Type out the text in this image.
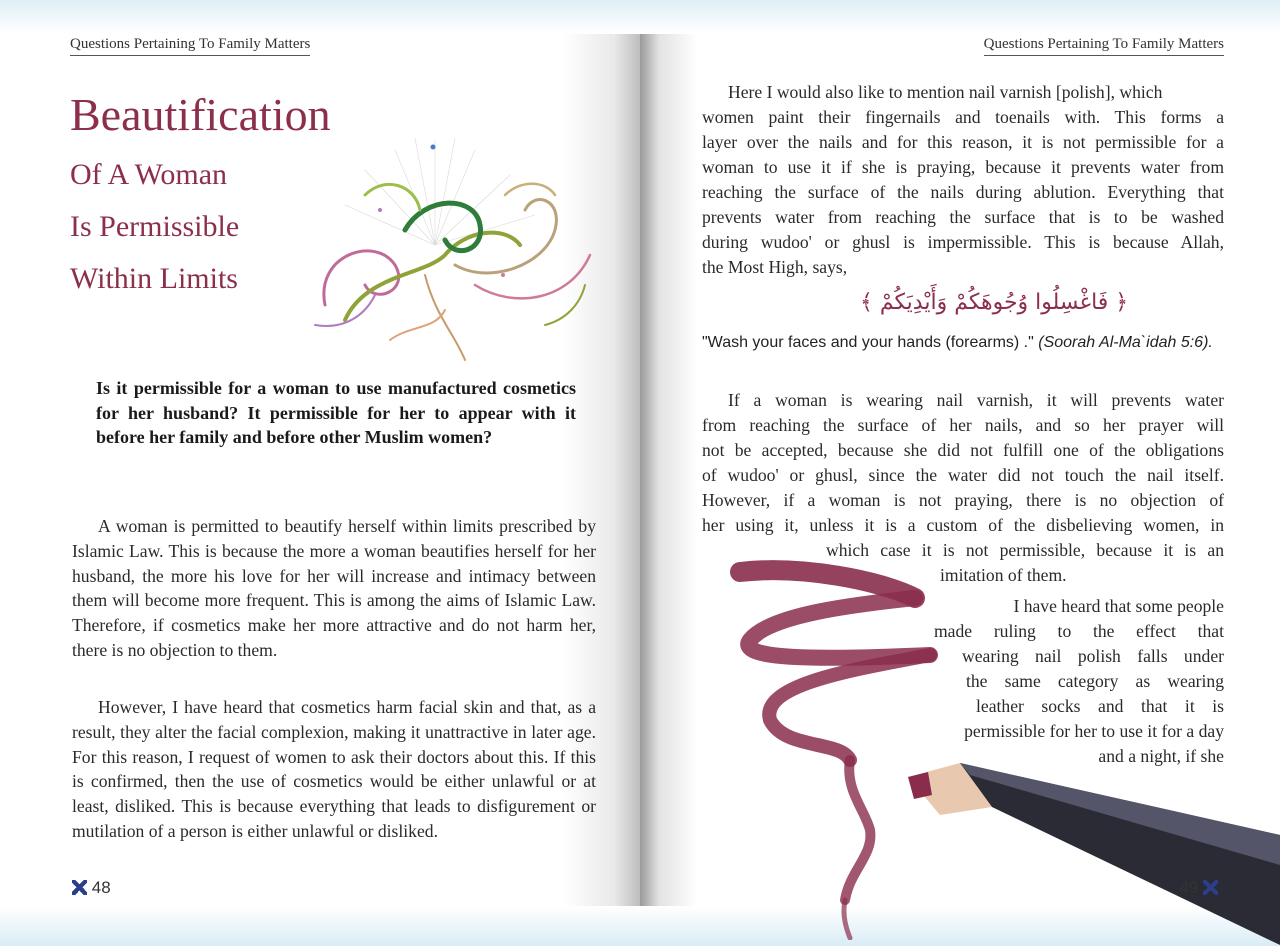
Questions Pertaining To Family Matters
Beautification
Of A Woman
Is Permissible
Within Limits
Is it permissible for a woman to use manufactured cosmetics for her husband? It permissible for her to appear with it before her family and before other Muslim women?

A woman is permitted to beautify herself within limits prescribed by Islamic Law. This is because the more a woman beautifies herself for her husband, the more his love for her will increase and intimacy between them will become more frequent. This is among the aims of Islamic Law. Therefore, if cosmetics make her more attractive and do not harm her, there is no objection to them.

However, I have heard that cosmetics harm facial skin and that, as a result, they alter the facial complexion, making it unattractive in later age. For this reason, I request of women to ask their doctors about this. If this is confirmed, then the use of cosmetics would be either unlawful or at least, disliked. This is because everything that leads to disfigurement or mutilation of a person is either unlawful or disliked.

48
Questions Pertaining To Family Matters
Here I would also like to mention nail varnish [polish], which
women paint their fingernails and toenails with. This forms a
layer over the nails and for this reason, it is not permissible for a
woman to use it if she is praying, because it prevents water from
reaching the surface of the nails during ablution. Everything that
prevents water from reaching the surface that is to be washed
during wudoo' or ghusl is impermissible. This is because Allah,
the Most High, says,
﴿ فَاغْسِلُوا وُجُوهَكُمْ وَأَيْدِيَكُمْ ﴾
"Wash your faces and your hands (forearms) ." (Soorah Al-Ma`idah 5:6).
If a woman is wearing nail varnish, it will prevents water
from reaching the surface of her nails, and so her prayer will
not be accepted, because she did not fulfill one of the obligations
of wudoo' or ghusl, since the water did not touch the nail itself.
However, if a woman is not praying, there is no objection of
her using it, unless it is a custom of the disbelieving women, in
which case it is not permissible, because it is an
imitation of them.
I have heard that some people
made ruling to the effect that
wearing nail polish falls under
the same category as wearing
leather socks and that it is
permissible for her to use it for a day
and a night, if she
49
